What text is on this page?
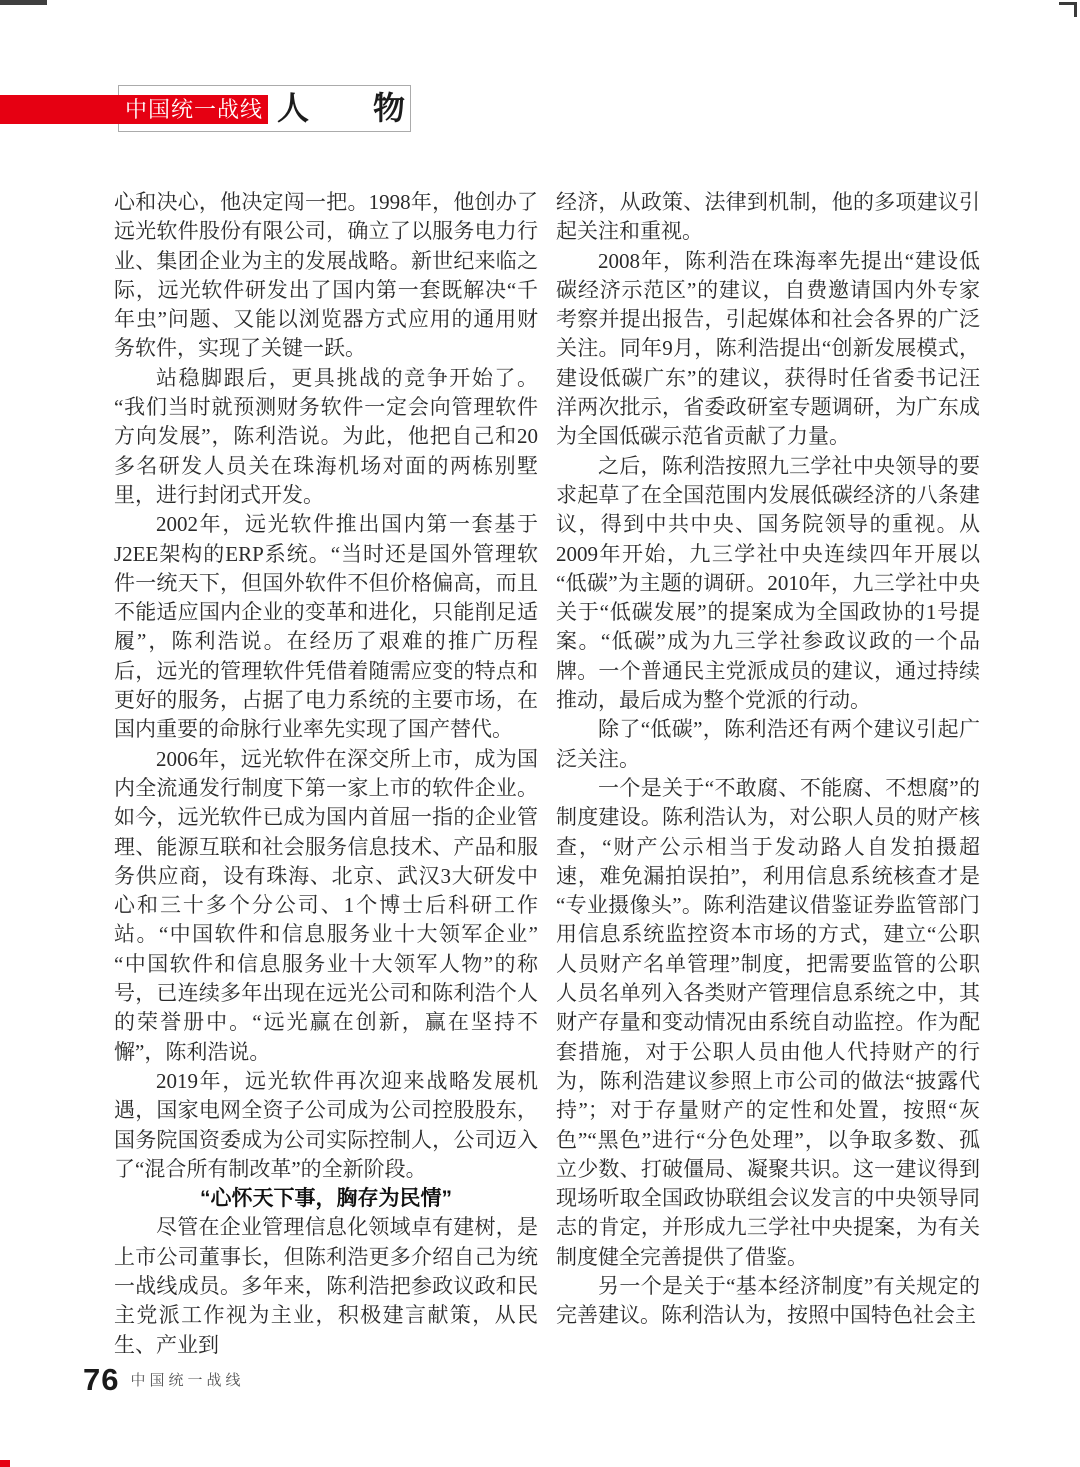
中国统一战线 人　　物

心和决心，他决定闯一把。1998年，他创办了远光软件股份有限公司，确立了以服务电力行业、集团企业为主的发展战略。新世纪来临之际，远光软件研发出了国内第一套既解决“千年虫”问题、又能以浏览器方式应用的通用财务软件，实现了关键一跃。

站稳脚跟后，更具挑战的竞争开始了。“我们当时就预测财务软件一定会向管理软件方向发展”，陈利浩说。为此，他把自己和20多名研发人员关在珠海机场对面的两栋别墅里，进行封闭式开发。

2002年，远光软件推出国内第一套基于J2EE架构的ERP系统。“当时还是国外管理软件一统天下，但国外软件不但价格偏高，而且不能适应国内企业的变革和进化，只能削足适履”，陈利浩说。在经历了艰难的推广历程后，远光的管理软件凭借着随需应变的特点和更好的服务，占据了电力系统的主要市场，在国内重要的命脉行业率先实现了国产替代。

2006年，远光软件在深交所上市，成为国内全流通发行制度下第一家上市的软件企业。如今，远光软件已成为国内首屈一指的企业管理、能源互联和社会服务信息技术、产品和服务供应商，设有珠海、北京、武汉3大研发中心和三十多个分公司、1个博士后科研工作站。“中国软件和信息服务业十大领军企业”“中国软件和信息服务业十大领军人物”的称号，已连续多年出现在远光公司和陈利浩个人的荣誉册中。“远光赢在创新，赢在坚持不懈”，陈利浩说。

2019年，远光软件再次迎来战略发展机遇，国家电网全资子公司成为公司控股股东，国务院国资委成为公司实际控制人，公司迈入了“混合所有制改革”的全新阶段。

“心怀天下事，胸存为民情”

尽管在企业管理信息化领域卓有建树，是上市公司董事长，但陈利浩更多介绍自己为统一战线成员。多年来，陈利浩把参政议政和民主党派工作视为主业，积极建言献策，从民生、产业到

经济，从政策、法律到机制，他的多项建议引起关注和重视。

2008年，陈利浩在珠海率先提出“建设低碳经济示范区”的建议，自费邀请国内外专家考察并提出报告，引起媒体和社会各界的广泛关注。同年9月，陈利浩提出“创新发展模式，建设低碳广东”的建议，获得时任省委书记汪洋两次批示，省委政研室专题调研，为广东成为全国低碳示范省贡献了力量。

之后，陈利浩按照九三学社中央领导的要求起草了在全国范围内发展低碳经济的八条建议，得到中共中央、国务院领导的重视。从2009年开始，九三学社中央连续四年开展以“低碳”为主题的调研。2010年，九三学社中央关于“低碳发展”的提案成为全国政协的1号提案。“低碳”成为九三学社参政议政的一个品牌。一个普通民主党派成员的建议，通过持续推动，最后成为整个党派的行动。

除了“低碳”，陈利浩还有两个建议引起广泛关注。

一个是关于“不敢腐、不能腐、不想腐”的制度建设。陈利浩认为，对公职人员的财产核查，“财产公示相当于发动路人自发拍摄超速，难免漏拍误拍”，利用信息系统核查才是“专业摄像头”。陈利浩建议借鉴证券监管部门用信息系统监控资本市场的方式，建立“公职人员财产名单管理”制度，把需要监管的公职人员名单列入各类财产管理信息系统之中，其财产存量和变动情况由系统自动监控。作为配套措施，对于公职人员由他人代持财产的行为，陈利浩建议参照上市公司的做法“披露代持”；对于存量财产的定性和处置，按照“灰色”“黑色”进行“分色处理”，以争取多数、孤立少数、打破僵局、凝聚共识。这一建议得到现场听取全国政协联组会议发言的中央领导同志的肯定，并形成九三学社中央提案，为有关制度健全完善提供了借鉴。

另一个是关于“基本经济制度”有关规定的完善建议。陈利浩认为，按照中国特色社会主

76 中国统一战线
